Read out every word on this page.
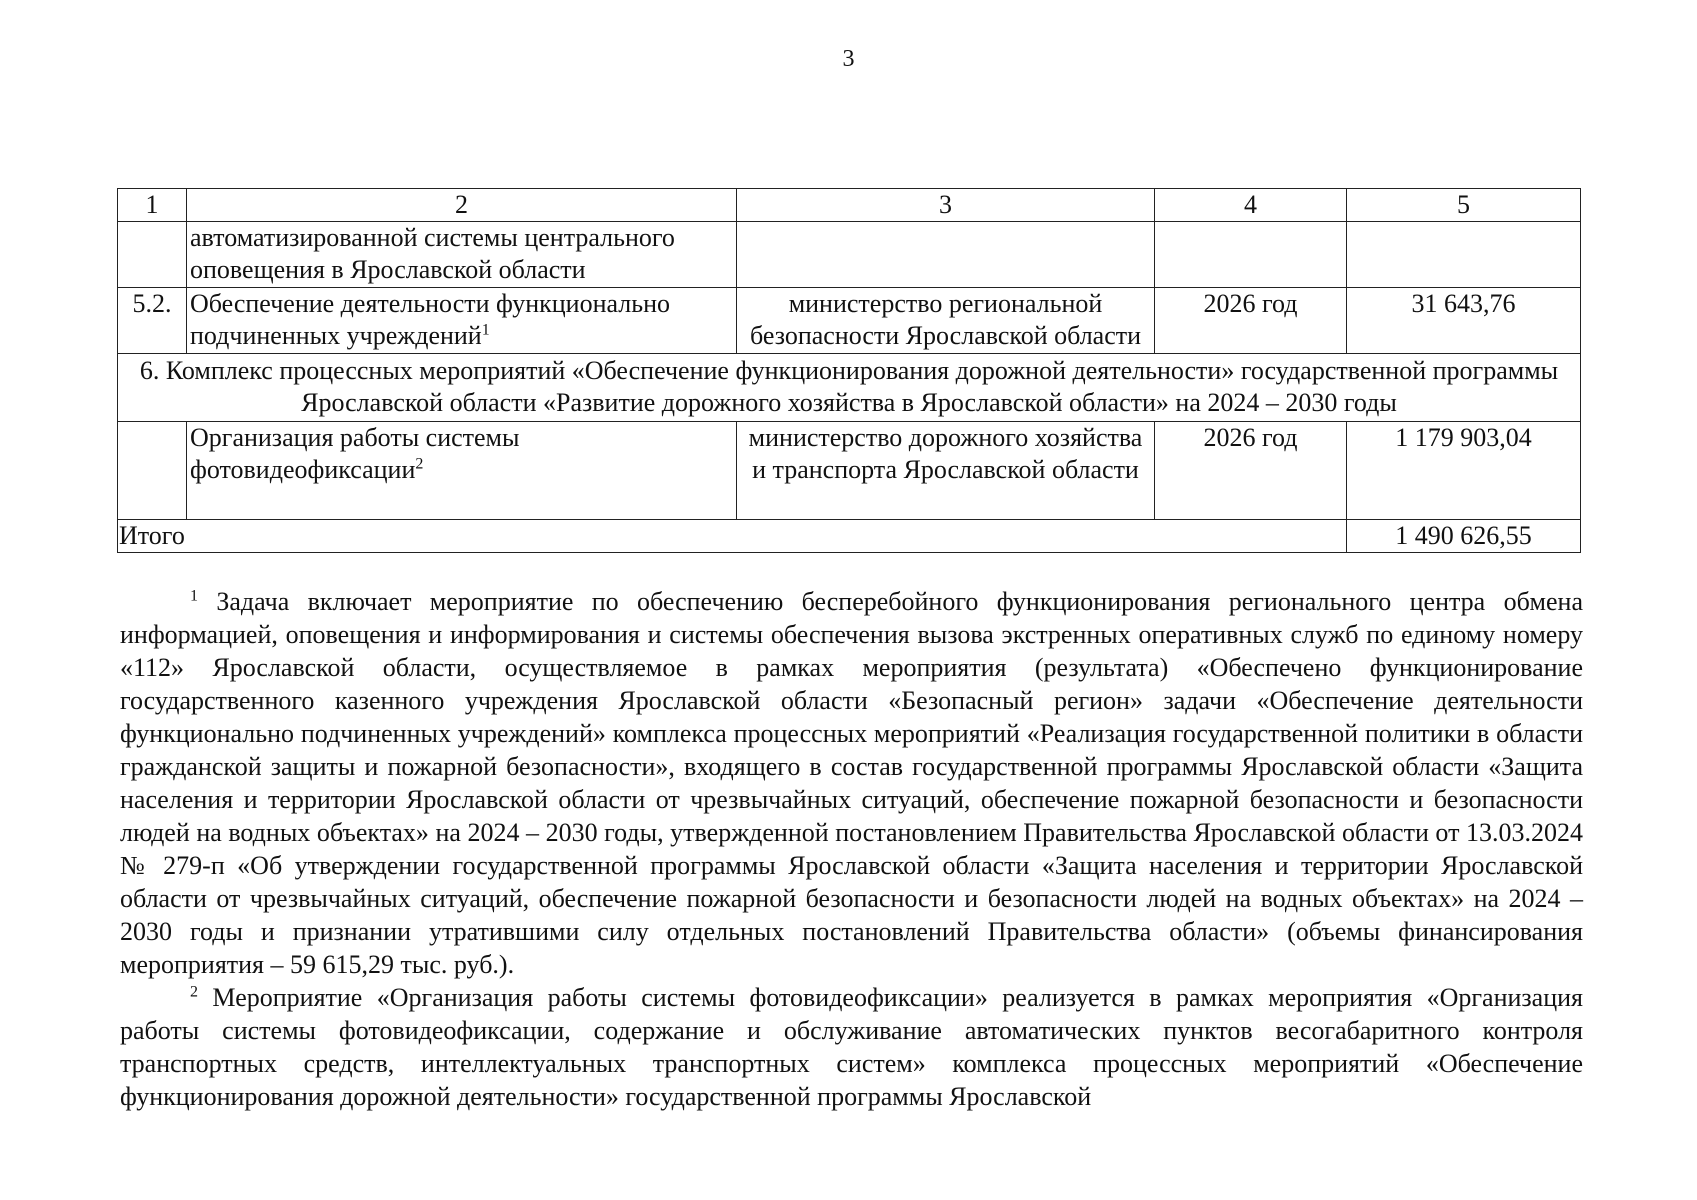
3
1	2	3	4	5
	автоматизированной системы центрального оповещения в Ярославской области			
5.2.	Обеспечение деятельности функционально подчиненных учреждений$^1$	министерство региональной безопасности Ярославской области	2026 год	31 643,76
6. Комплекс процессных мероприятий «Обеспечение функционирования дорожной деятельности» государственной программы Ярославской области «Развитие дорожного хозяйства в Ярославской области» на 2024 – 2030 годы				
	Организация работы системы фотовидеофиксации$^2$	министерство дорожного хозяйства и транспорта Ярославской области	2026 год	1 179 903,04
Итого				1 490 626,55

$^1$ Задача включает мероприятие по обеспечению бесперебойного функционирования регионального центра обмена информацией, оповещения и информирования и системы обеспечения вызова экстренных оперативных служб по единому номеру «112» Ярославской области, осуществляемое в рамках мероприятия (результата) «Обеспечено функционирование государственного казенного учреждения Ярославской области «Безопасный регион» задачи «Обеспечение деятельности функционально подчиненных учреждений» комплекса процессных мероприятий «Реализация государственной политики в области гражданской защиты и пожарной безопасности», входящего в состав государственной программы Ярославской области «Защита населения и территории Ярославской области от чрезвычайных ситуаций, обеспечение пожарной безопасности и безопасности людей на водных объектах» на 2024 – 2030 годы, утвержденной постановлением Правительства Ярославской области от 13.03.2024 № 279-п «Об утверждении государственной программы Ярославской области «Защита населения и территории Ярославской области от чрезвычайных ситуаций, обеспечение пожарной безопасности и безопасности людей на водных объектах» на 2024 – 2030 годы и признании утратившими силу отдельных постановлений Правительства области» (объемы финансирования мероприятия – 59 615,29 тыс. руб.).

$^2$ Мероприятие «Организация работы системы фотовидеофиксации» реализуется в рамках мероприятия «Организация работы системы фотовидеофиксации, содержание и обслуживание автоматических пунктов весогабаритного контроля транспортных средств, интеллектуальных транспортных систем» комплекса процессных мероприятий «Обеспечение функционирования дорожной деятельности» государственной программы Ярославской
